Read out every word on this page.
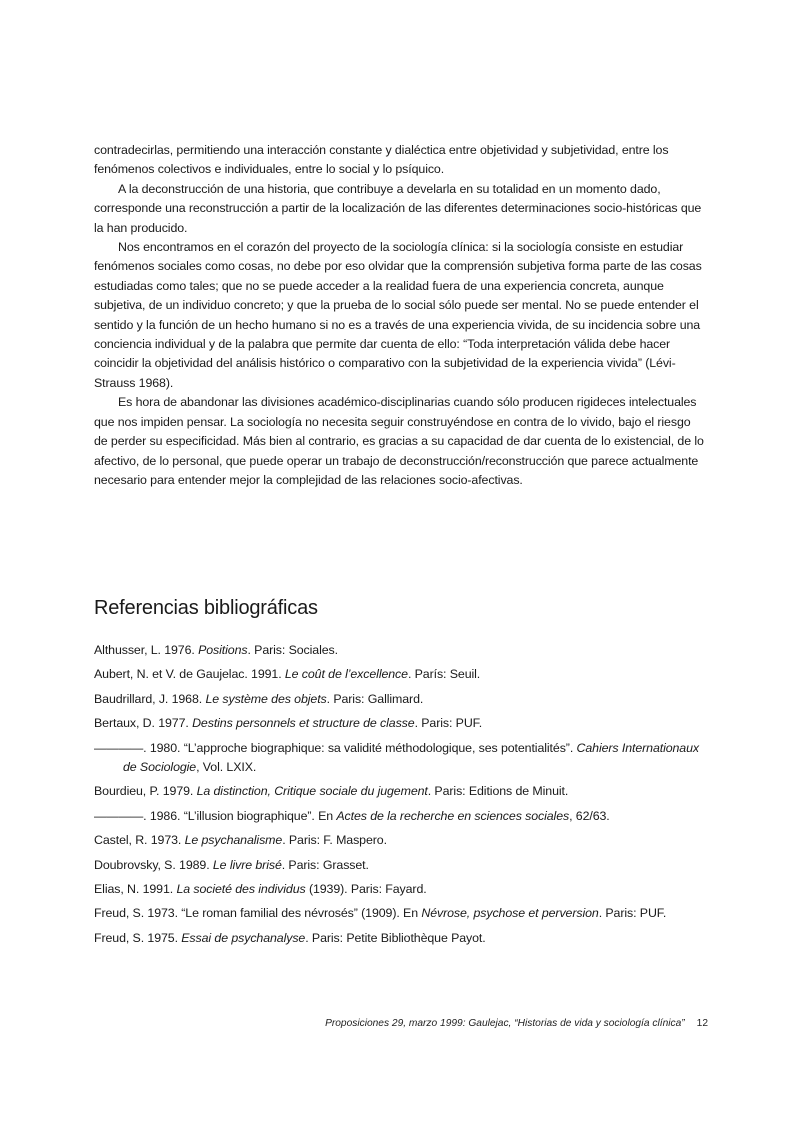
contradecirlas, permitiendo una interacción constante y dialéctica entre objetividad y subjetividad, entre los fenómenos colectivos e individuales, entre lo social y lo psíquico.

A la deconstrucción de una historia, que contribuye a develarla en su totalidad en un momento dado, corresponde una reconstrucción a partir de la localización de las diferentes determinaciones socio-históricas que la han producido.

Nos encontramos en el corazón del proyecto de la sociología clínica: si la sociología consiste en estudiar fenómenos sociales como cosas, no debe por eso olvidar que la comprensión subjetiva forma parte de las cosas estudiadas como tales; que no se puede acceder a la realidad fuera de una experiencia concreta, aunque subjetiva, de un individuo concreto; y que la prueba de lo social sólo puede ser mental. No se puede entender el sentido y la función de un hecho humano si no es a través de una experiencia vivida, de su incidencia sobre una conciencia individual y de la palabra que permite dar cuenta de ello: “Toda interpretación válida debe hacer coincidir la objetividad del análisis histórico o comparativo con la subjetividad de la experiencia vivida” (Lévi-Strauss 1968).

Es hora de abandonar las divisiones académico-disciplinarias cuando sólo producen rigideces intelectuales que nos impiden pensar. La sociología no necesita seguir construyéndose en contra de lo vivido, bajo el riesgo de perder su especificidad. Más bien al contrario, es gracias a su capacidad de dar cuenta de lo existencial, de lo afectivo, de lo personal, que puede operar un trabajo de deconstrucción/reconstrucción que parece actualmente necesario para entender mejor la complejidad de las relaciones socio-afectivas.

Referencias bibliográficas

Althusser, L. 1976. Positions. Paris: Sociales.

Aubert, N. et V. de Gaujelac. 1991. Le coût de l’excellence. París: Seuil.

Baudrillard, J. 1968. Le système des objets. Paris: Gallimard.

Bertaux, D. 1977. Destins personnels et structure de classe. Paris: PUF.

————. 1980. “L’approche biographique: sa validité méthodologique, ses potentialités”. Cahiers Internationaux de Sociologie, Vol. LXIX.

Bourdieu, P. 1979. La distinction, Critique sociale du jugement. Paris: Editions de Minuit.

————. 1986. “L’illusion biographique”. En Actes de la recherche en sciences sociales, 62/63.

Castel, R. 1973. Le psychanalisme. Paris: F. Maspero.

Doubrovsky, S. 1989. Le livre brisé. Paris: Grasset.

Elias, N. 1991. La societé des individus (1939). Paris: Fayard.

Freud, S. 1973. “Le roman familial des névrosés” (1909). En Névrose, psychose et perversion. Paris: PUF.

Freud, S. 1975. Essai de psychanalyse. Paris: Petite Bibliothèque Payot.

Proposiciones 29, marzo 1999: Gaulejac, “Historias de vida y sociología clínica” 12
